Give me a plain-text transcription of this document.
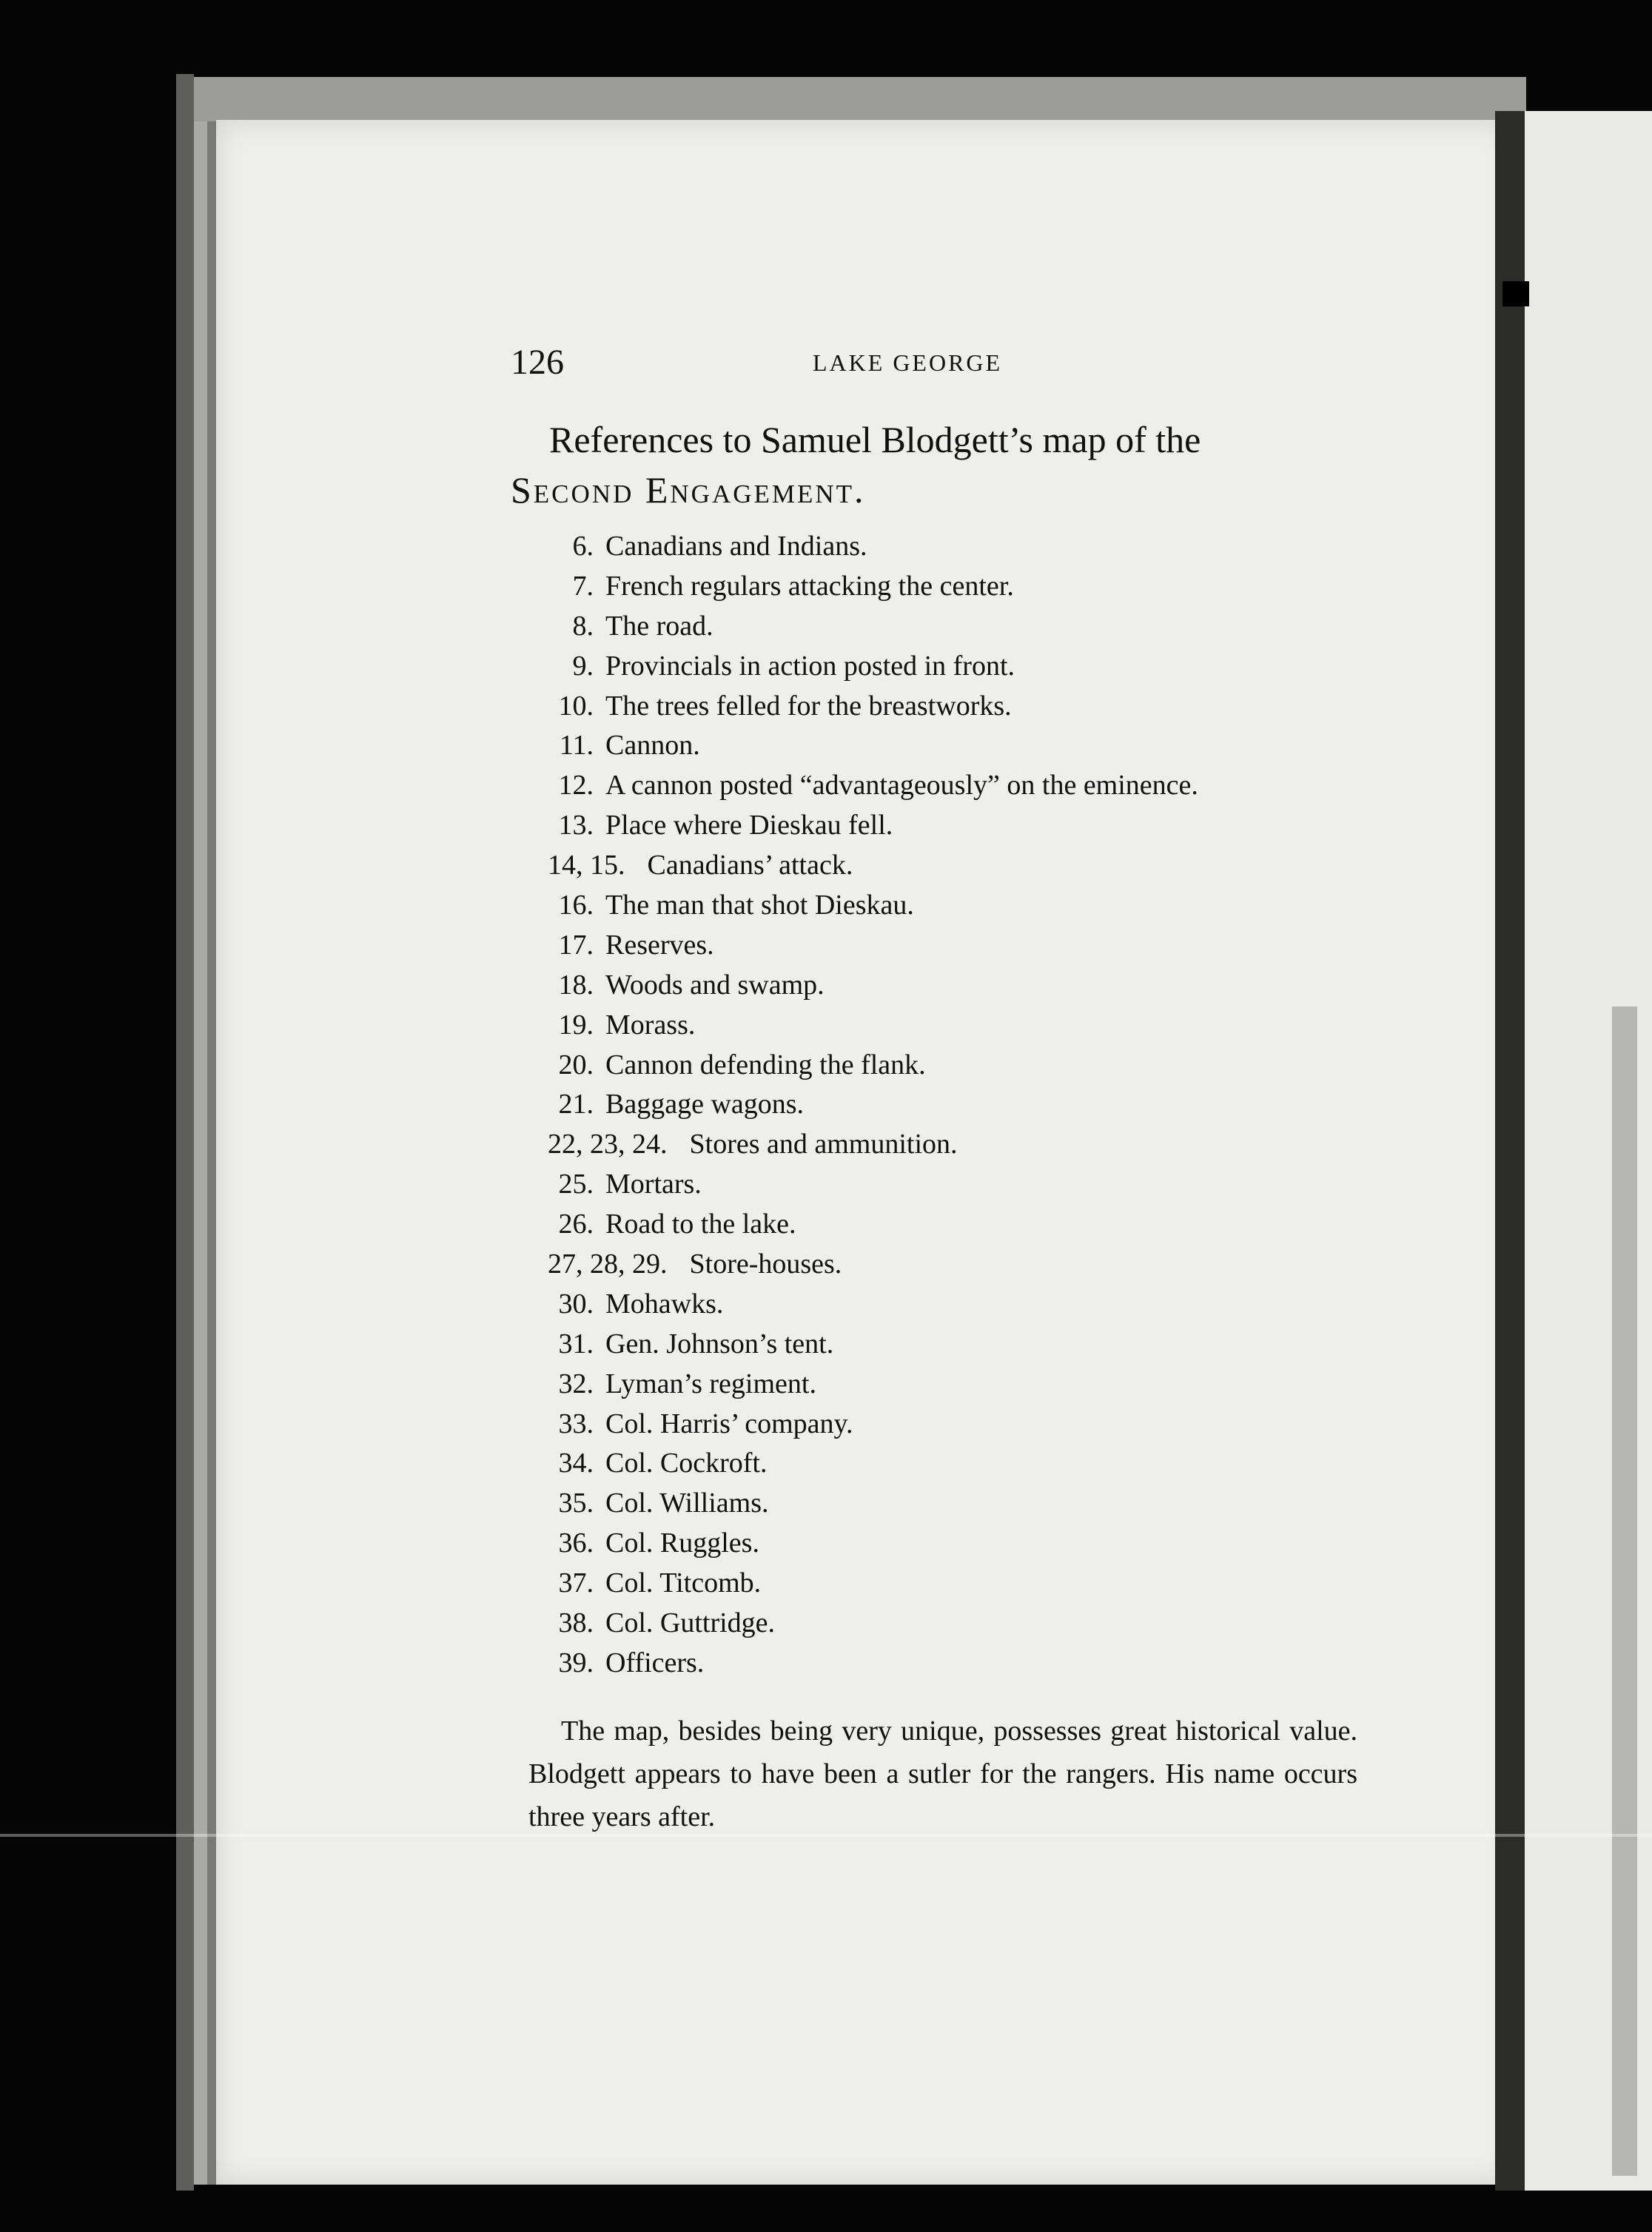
126	LAKE GEORGE
References to Samuel Blodgett’s map of the
Second Engagement.
6. Canadians and Indians.
7. French regulars attacking the center.
8. The road.
9. Provincials in action posted in front.
10. The trees felled for the breastworks.
11. Cannon.
12. A cannon posted “advantageously” on the eminence.
13. Place where Dieskau fell.
14, 15. Canadians’ attack.
16. The man that shot Dieskau.
17. Reserves.
18. Woods and swamp.
19. Morass.
20. Cannon defending the flank.
21. Baggage wagons.
22, 23, 24. Stores and ammunition.
25. Mortars.
26. Road to the lake.
27, 28, 29. Store-houses.
30. Mohawks.
31. Gen. Johnson’s tent.
32. Lyman’s regiment.
33. Col. Harris’ company.
34. Col. Cockroft.
35. Col. Williams.
36. Col. Ruggles.
37. Col. Titcomb.
38. Col. Guttridge.
39. Officers.

The map, besides being very unique, possesses great historical value. Blodgett appears to have been a sutler for the rangers. His name occurs three years after.
